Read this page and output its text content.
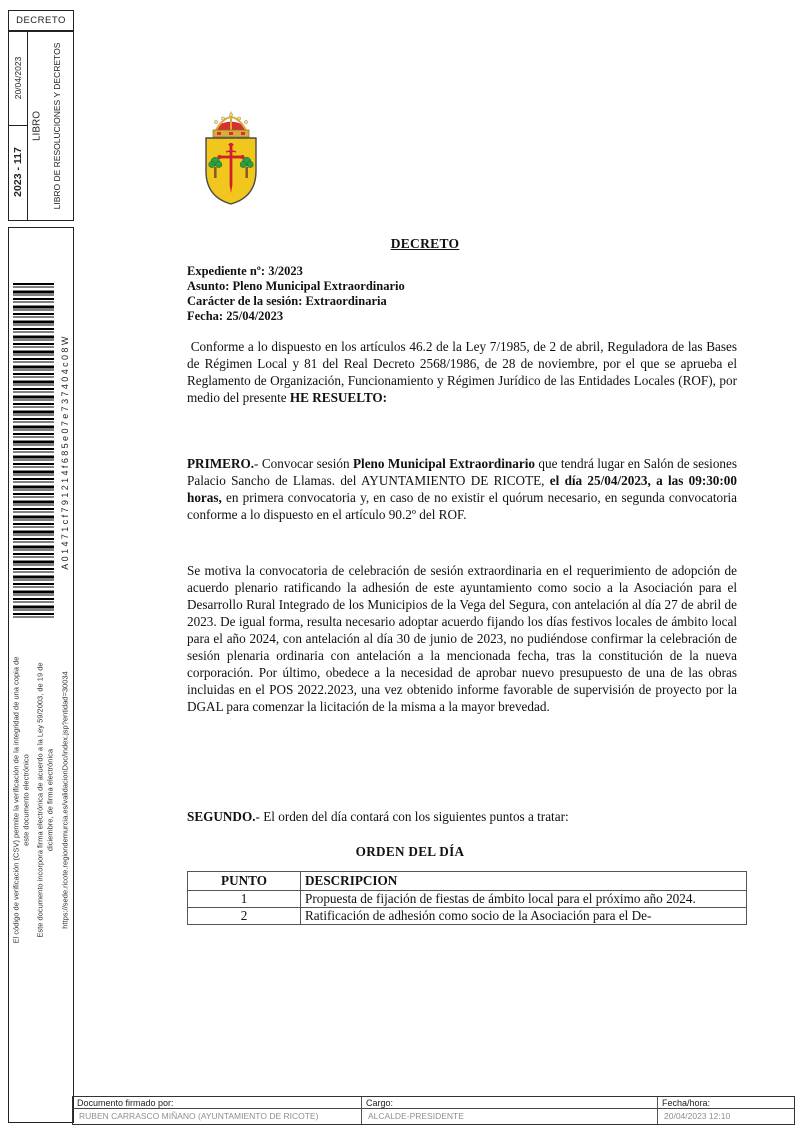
DECRETO
20/04/2023
2023 - 117
LIBRO LIBRO DE RESOLUCIONES Y DECRETOS
A01471cf791214f685e07e737404c08W
El código de verificación (CSV) permite la verificación de la integridad de una copia de este documento electrónico Este documento incorpora firma electrónica de acuerdo a la Ley 59/2003, de 19 de diciembre, de firma electrónica https://sede.ricote.regiondemurcia.es/validacionDoc/index.jsp?entidad=30034
DECRETO
Expediente nº: 3/2023
Asunto: Pleno Municipal Extraordinario
Carácter de la sesión: Extraordinaria
Fecha: 25/04/2023
Conforme a lo dispuesto en los artículos 46.2 de la Ley 7/1985, de 2 de abril, Reguladora de las Bases de Régimen Local y 81 del Real Decreto 2568/1986, de 28 de noviembre, por el que se aprueba el Reglamento de Organización, Funcionamiento y Régimen Jurídico de las Entidades Locales (ROF), por medio del presente HE RESUELTO:
PRIMERO.- Convocar sesión Pleno Municipal Extraordinario que tendrá lugar en Salón de sesiones Palacio Sancho de Llamas. del AYUNTAMIENTO DE RICOTE, el día 25/04/2023, a las 09:30:00 horas, en primera convocatoria y, en caso de no existir el quórum necesario, en segunda convocatoria conforme a lo dispuesto en el artículo 90.2º del ROF.
Se motiva la convocatoria de celebración de sesión extraordinaria en el requerimiento de adopción de acuerdo plenario ratificando la adhesión de este ayuntamiento como socio a la Asociación para el Desarrollo Rural Integrado de los Municipios de la Vega del Segura, con antelación al día 27 de abril de 2023. De igual forma, resulta necesario adoptar acuerdo fijando los días festivos locales de ámbito local para el año 2024, con antelación al día 30 de junio de 2023, no pudiéndose confirmar la celebración de sesión plenaria ordinaria con antelación a la mencionada fecha, tras la constitución de la nueva corporación. Por último, obedece a la necesidad de aprobar nuevo presupuesto de una de las obras incluidas en el POS 2022.2023, una vez obtenido informe favorable de supervisión de proyecto por la DGAL para comenzar la licitación de la misma a la mayor brevedad.
SEGUNDO.- El orden del día contará con los siguientes puntos a tratar:
ORDEN DEL DÍA
PUNTO	DESCRIPCION
1	Propuesta de fijación de fiestas de ámbito local para el próximo año 2024.
2	Ratificación de adhesión como socio de la Asociación para el De-
Documento firmado por:
RUBEN CARRASCO MIÑANO (AYUNTAMIENTO DE RICOTE)
Cargo:
ALCALDE-PRESIDENTE
Fecha/hora:
20/04/2023 12:10
